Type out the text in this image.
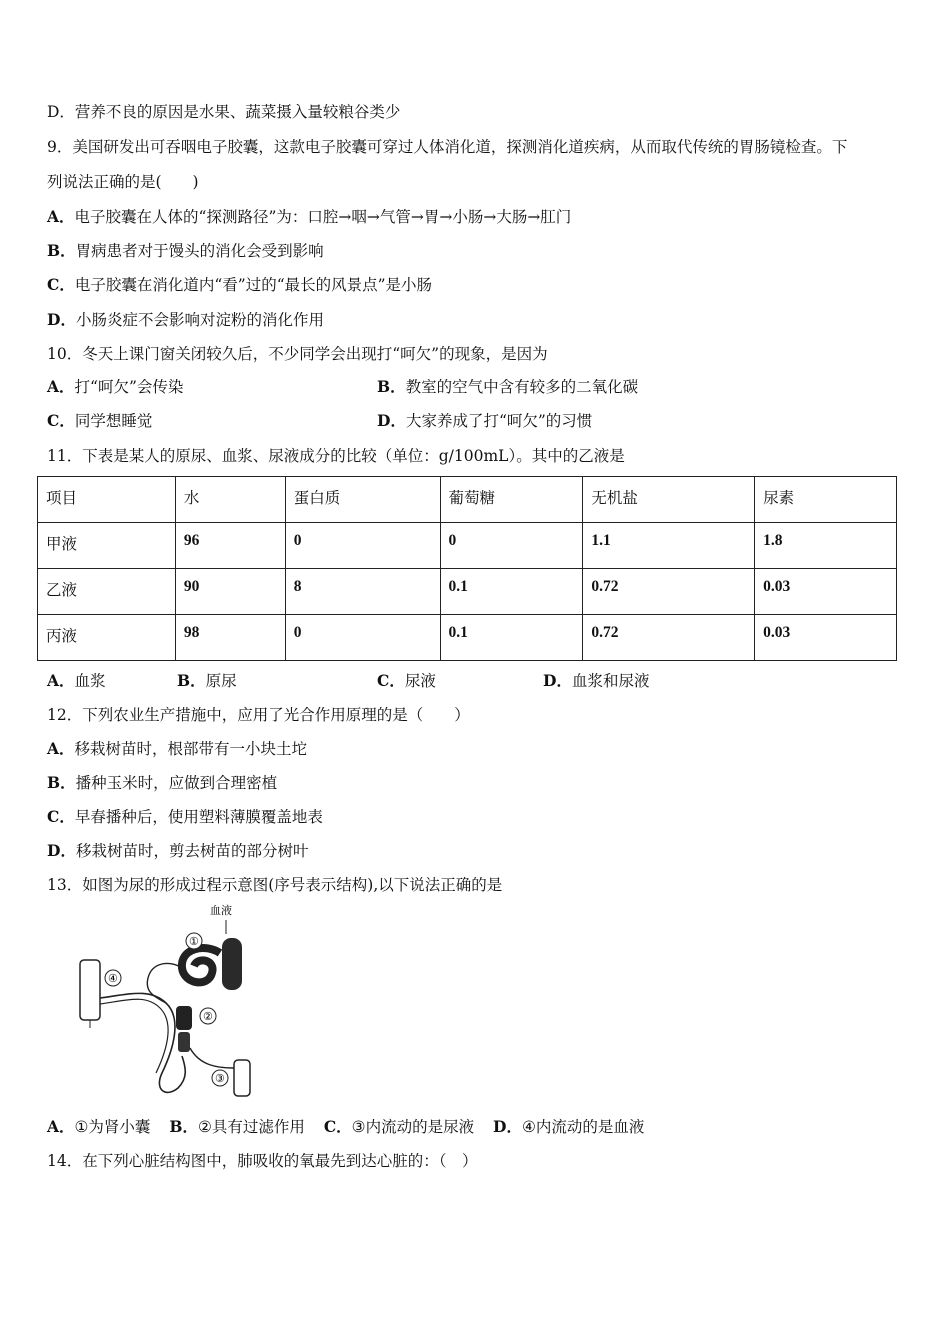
D．营养不良的原因是水果、蔬菜摄入量较粮谷类少
9．美国研发出可吞咽电子胶囊，这款电子胶囊可穿过人体消化道，探测消化道疾病，从而取代传统的胃肠镜检查。下
列说法正确的是(　　)
A．电子胶囊在人体的“探测路径”为：口腔→咽→气管→胃→小肠→大肠→肛门
B．胃病患者对于馒头的消化会受到影响
C．电子胶囊在消化道内“看”过的“最长的风景点”是小肠
D．小肠炎症不会影响对淀粉的消化作用
10．冬天上课门窗关闭较久后，不少同学会出现打“呵欠”的现象，是因为
A．打“呵欠”会传染	B．教室的空气中含有较多的二氧化碳
C．同学想睡觉	D．大家养成了打“呵欠”的习惯
11．下表是某人的原尿、血浆、尿液成分的比较（单位：g/100mL）。其中的乙液是
项目	水	蛋白质	葡萄糖	无机盐	尿素
甲液	96	0	0	1.1	1.8
乙液	90	8	0.1	0.72	0.03
丙液	98	0	0.1	0.72	0.03
A．血浆	B．原尿	C．尿液	D．血浆和尿液
12．下列农业生产措施中，应用了光合作用原理的是（　　）
A．移栽树苗时，根部带有一小块土坨
B．播种玉米时，应做到合理密植
C．早春播种后，使用塑料薄膜覆盖地表
D．移栽树苗时，剪去树苗的部分树叶
13．如图为尿的形成过程示意图(序号表示结构),以下说法正确的是
血液
①
④
②
③
A．①为肾小囊 B．②具有过滤作用 C．③内流动的是尿液 D．④内流动的是血液
14．在下列心脏结构图中，肺吸收的氧最先到达心脏的：（　）
